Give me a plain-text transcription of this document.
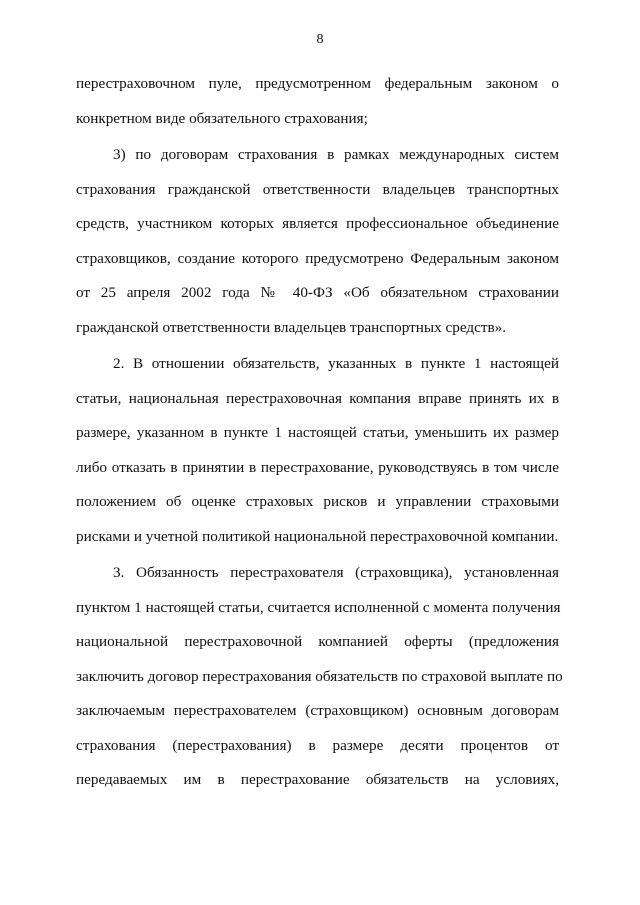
8
перестраховочном пуле, предусмотренном федеральным законом о
конкретном виде обязательного страхования;
3) по договорам страхования в рамках международных систем
страхования гражданской ответственности владельцев транспортных
средств, участником которых является профессиональное объединение
страховщиков, создание которого предусмотрено Федеральным законом
от 25 апреля 2002 года № 40-ФЗ «Об обязательном страховании
гражданской ответственности владельцев транспортных средств».
2. В отношении обязательств, указанных в пункте 1 настоящей
статьи, национальная перестраховочная компания вправе принять их в
размере, указанном в пункте 1 настоящей статьи, уменьшить их размер
либо отказать в принятии в перестрахование, руководствуясь в том числе
положением об оценке страховых рисков и управлении страховыми
рисками и учетной политикой национальной перестраховочной компании.
3. Обязанность перестрахователя (страховщика), установленная
пунктом 1 настоящей статьи, считается исполненной с момента получения
национальной перестраховочной компанией оферты (предложения
заключить договор перестрахования обязательств по страховой выплате по
заключаемым перестрахователем (страховщиком) основным договорам
страхования (перестрахования) в размере десяти процентов от
передаваемых им в перестрахование обязательств на условиях,
